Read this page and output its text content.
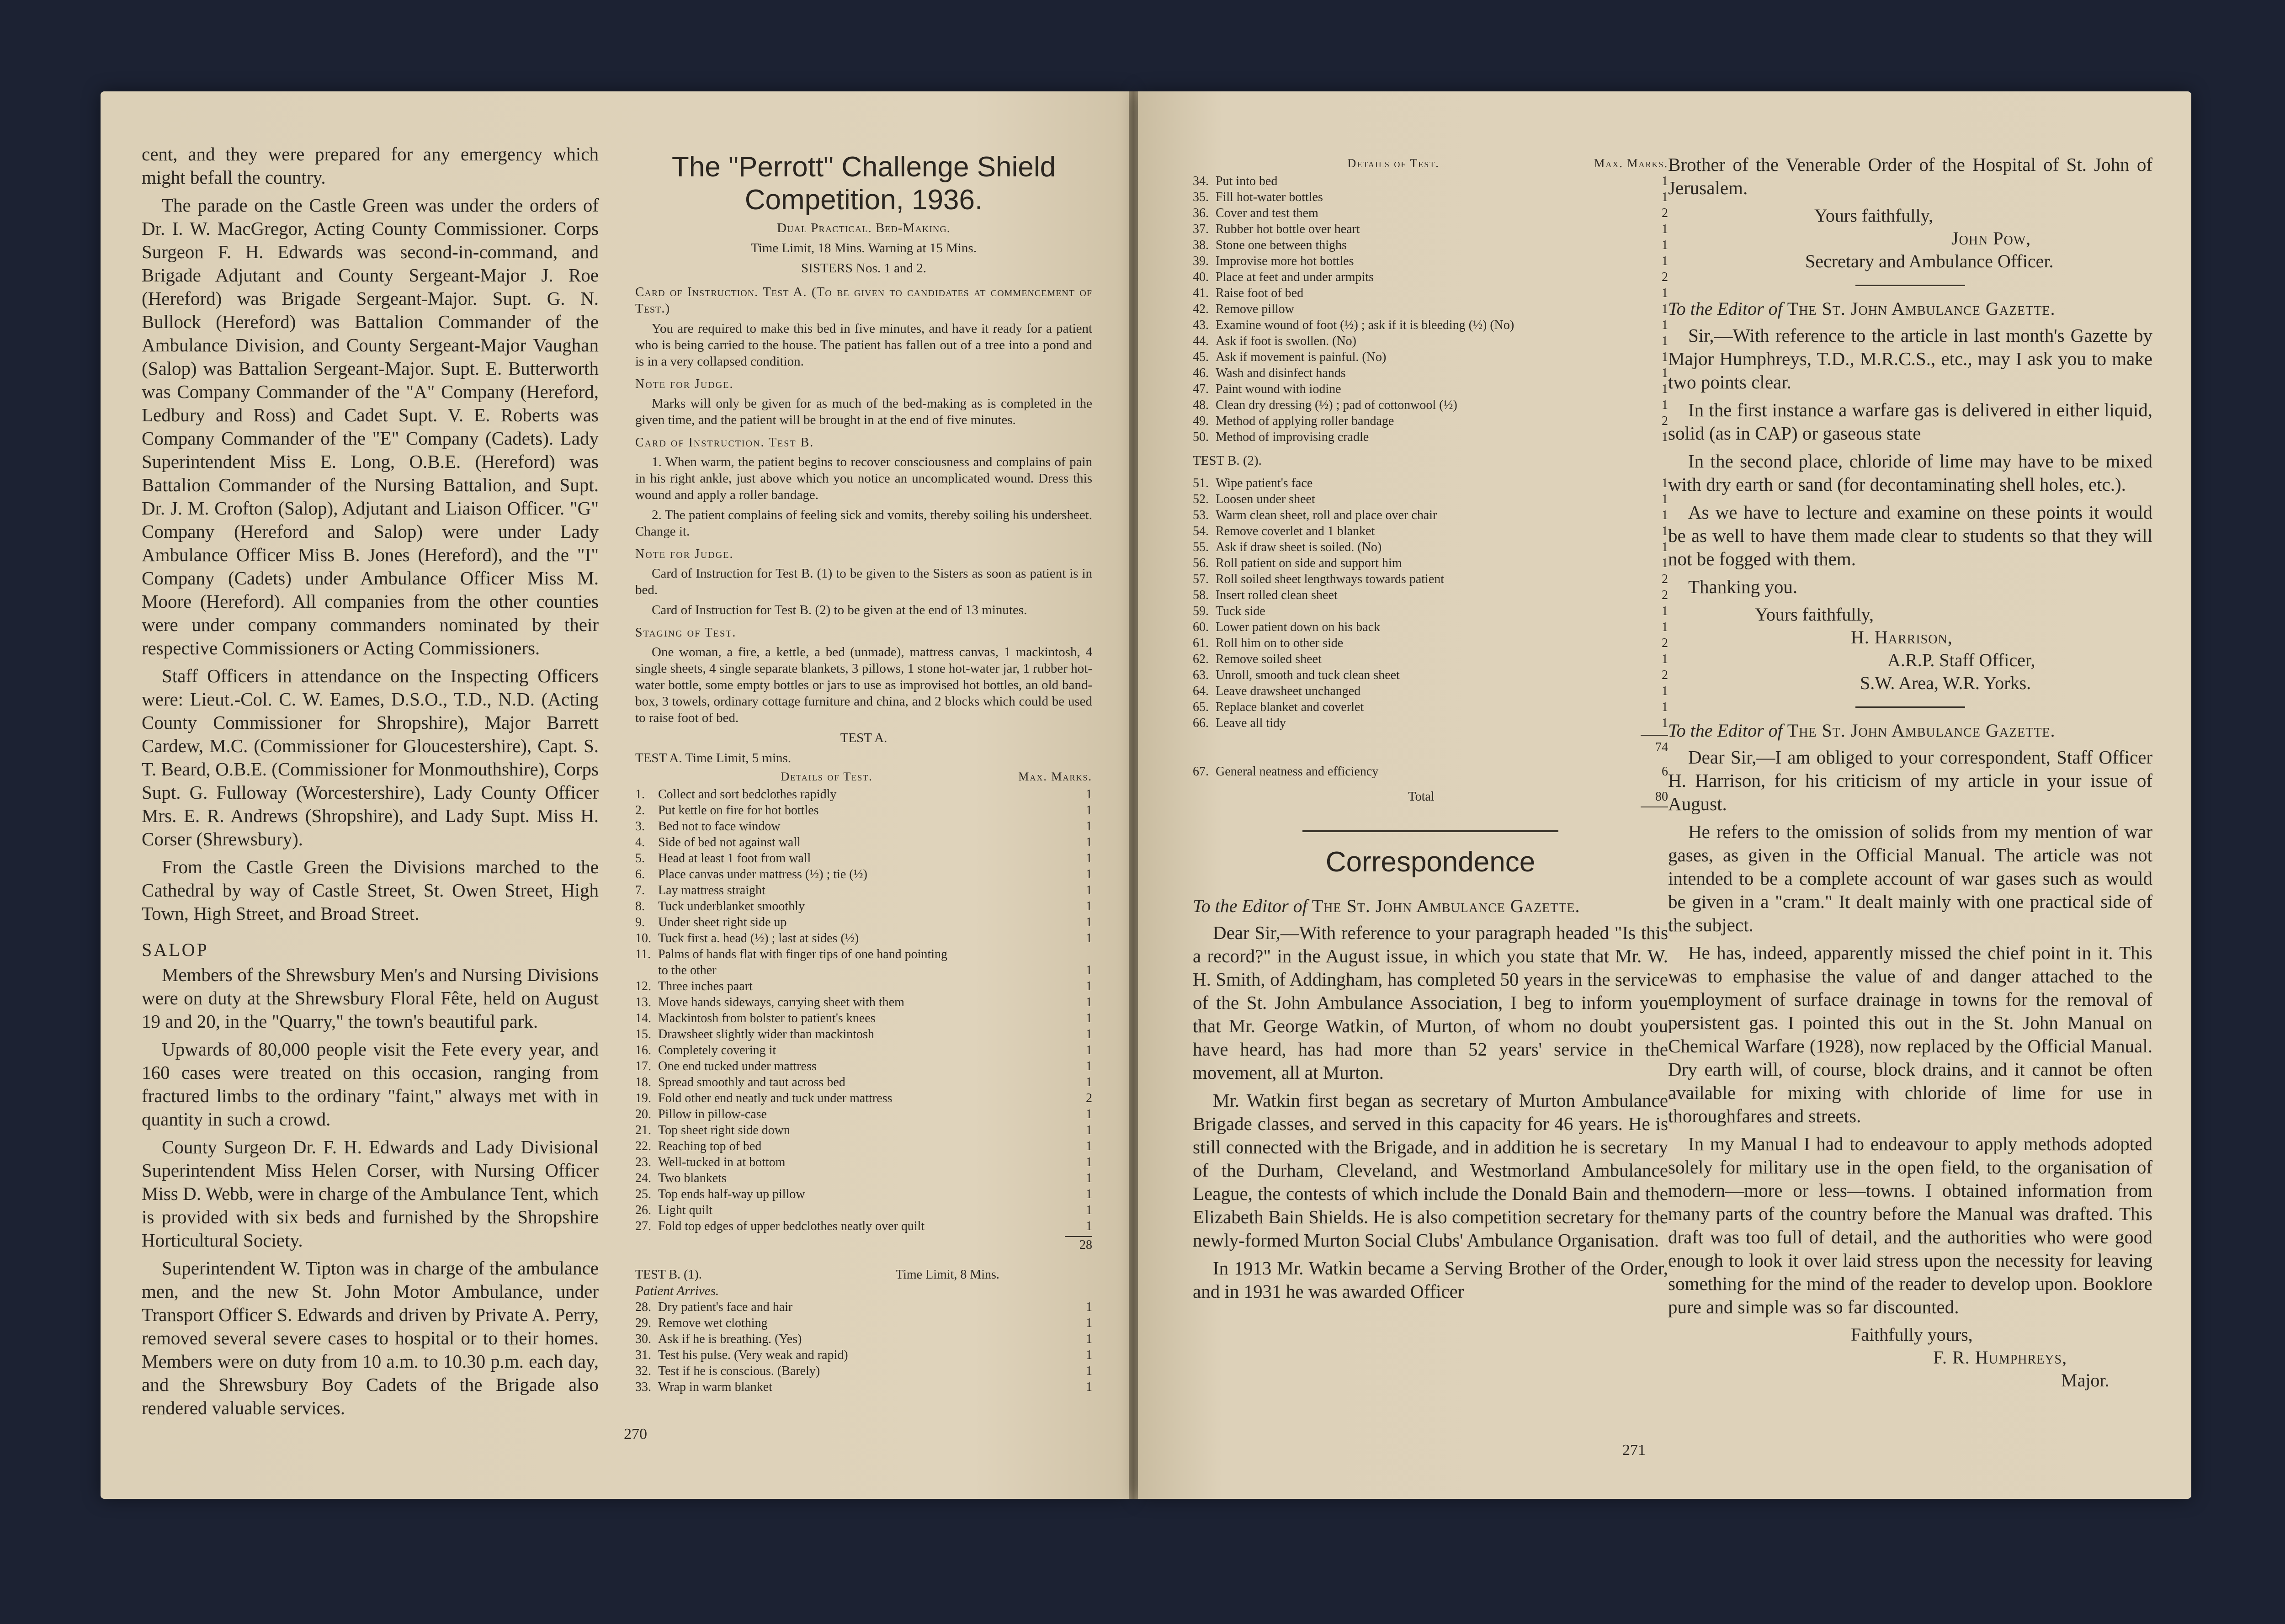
cent, and they were prepared for any emergency which might befall the country.

The parade on the Castle Green was under the orders of Dr. I. W. MacGregor, Acting County Commissioner. Corps Surgeon F. H. Edwards was second-in-command, and Brigade Adjutant and County Sergeant-Major J. Roe (Hereford) was Brigade Sergeant-Major. Supt. G. N. Bullock (Hereford) was Battalion Commander of the Ambulance Division, and County Sergeant-Major Vaughan (Salop) was Battalion Sergeant-Major. Supt. E. Butterworth was Company Commander of the "A" Company (Hereford, Ledbury and Ross) and Cadet Supt. V. E. Roberts was Company Commander of the "E" Company (Cadets). Lady Superintendent Miss E. Long, O.B.E. (Hereford) was Battalion Commander of the Nursing Battalion, and Supt. Dr. J. M. Crofton (Salop), Adjutant and Liaison Officer. "G" Company (Hereford and Salop) were under Lady Ambulance Officer Miss B. Jones (Hereford), and the "I" Company (Cadets) under Ambulance Officer Miss M. Moore (Hereford). All companies from the other counties were under company commanders nominated by their respective Commissioners or Acting Commissioners.

Staff Officers in attendance on the Inspecting Officers were: Lieut.-Col. C. W. Eames, D.S.O., T.D., N.D. (Acting County Commissioner for Shropshire), Major Barrett Cardew, M.C. (Commissioner for Gloucestershire), Capt. S. T. Beard, O.B.E. (Commissioner for Monmouthshire), Corps Supt. G. Fulloway (Worcestershire), Lady County Officer Mrs. E. R. Andrews (Shropshire), and Lady Supt. Miss H. Corser (Shrewsbury).

From the Castle Green the Divisions marched to the Cathedral by way of Castle Street, St. Owen Street, High Town, High Street, and Broad Street.

SALOP

Members of the Shrewsbury Men's and Nursing Divisions were on duty at the Shrewsbury Floral Fête, held on August 19 and 20, in the "Quarry," the town's beautiful park.

Upwards of 80,000 people visit the Fete every year, and 160 cases were treated on this occasion, ranging from fractured limbs to the ordinary "faint," always met with in quantity in such a crowd.

County Surgeon Dr. F. H. Edwards and Lady Divisional Superintendent Miss Helen Corser, with Nursing Officer Miss D. Webb, were in charge of the Ambulance Tent, which is provided with six beds and furnished by the Shropshire Horticultural Society.

Superintendent W. Tipton was in charge of the ambulance men, and the new St. John Motor Ambulance, under Transport Officer S. Edwards and driven by Private A. Perry, removed several severe cases to hospital or to their homes. Members were on duty from 10 a.m. to 10.30 p.m. each day, and the Shrewsbury Boy Cadets of the Brigade also rendered valuable services.

The "Perrott" Challenge Shield
Competition, 1936.
Dual Practical. Bed-Making.
Time Limit, 18 Mins. Warning at 15 Mins.
SISTERS Nos. 1 and 2.
Card of Instruction. Test A. (To be given to candidates at commencement of Test.)
You are required to make this bed in five minutes, and have it ready for a patient who is being carried to the house. The patient has fallen out of a tree into a pond and is in a very collapsed condition.
Note for Judge.
Marks will only be given for as much of the bed-making as is completed in the given time, and the patient will be brought in at the end of five minutes.
Card of Instruction. Test B.
1. When warm, the patient begins to recover consciousness and complains of pain in his right ankle, just above which you notice an uncomplicated wound. Dress this wound and apply a roller bandage.
2. The patient complains of feeling sick and vomits, thereby soiling his undersheet. Change it.
Note for Judge.
Card of Instruction for Test B. (1) to be given to the Sisters as soon as patient is in bed.
Card of Instruction for Test B. (2) to be given at the end of 13 minutes.
Staging of Test.
One woman, a fire, a kettle, a bed (unmade), mattress canvas, 1 mackintosh, 4 single sheets, 4 single separate blankets, 3 pillows, 1 stone hot-water jar, 1 rubber hot-water bottle, some empty bottles or jars to use as improvised hot bottles, an old band-box, 3 towels, ordinary cottage furniture and china, and 2 blocks which could be used to raise foot of bed.
TEST A.
TEST A. Time Limit, 5 mins.
Details of Test.	Max. Marks.
1.	Collect and sort bedclothes rapidly	1
2.	Put kettle on fire for hot bottles	1
3.	Bed not to face window	1
4.	Side of bed not against wall	1
5.	Head at least 1 foot from wall	1
6.	Place canvas under mattress (½) ; tie (½)	1
7.	Lay mattress straight	1
8.	Tuck underblanket smoothly	1
9.	Under sheet right side up	1
10. Tuck first a. head (½) ; last at sides (½)	1
11. Palms of hands flat with finger tips of one hand pointing
to the other	1
12. Three inches paart	1
13. Move hands sideways, carrying sheet with them	1
14. Mackintosh from bolster to patient's knees	1
15. Drawsheet slightly wider than mackintosh	1
16. Completely covering it	1
17. One end tucked under mattress	1
18. Spread smoothly and taut across bed	1
19. Fold other end neatly and tuck under mattress	2
20. Pillow in pillow-case	1
21. Top sheet right side down	1
22. Reaching top of bed	1
23. Well-tucked in at bottom	1
24. Two blankets	1
25. Top ends half-way up pillow	1
26. Light quilt	1
27. Fold top edges of upper bedclothes neatly over quilt	1
28
TEST B. (1).	Time Limit, 8 Mins.
Patient Arrives.
28. Dry patient's face and hair	1
29. Remove wet clothing	1
30. Ask if he is breathing. (Yes)	1
31. Test his pulse. (Very weak and rapid)	1
32. Test if he is conscious. (Barely)	1
33. Wrap in warm blanket	1
270
Details of Test.	Max. Marks.
34. Put into bed	1
35. Fill hot-water bottles	1
36. Cover and test them	2
37. Rubber hot bottle over heart	1
38. Stone one between thighs	1
39. Improvise more hot bottles	1
40. Place at feet and under armpits	2
41. Raise foot of bed	1
42. Remove pillow	1
43. Examine wound of foot (½) ; ask if it is bleeding (½) (No)	1
44. Ask if foot is swollen. (No)	1
45. Ask if movement is painful. (No)	1
46. Wash and disinfect hands	1
47. Paint wound with iodine	1
48. Clean dry dressing (½) ; pad of cottonwool (½)	1
49. Method of applying roller bandage	2
50. Method of improvising cradle	1
TEST B. (2).
51. Wipe patient's face	1
52. Loosen under sheet	1
53. Warm clean sheet, roll and place over chair	1
54. Remove coverlet and 1 blanket	1
55. Ask if draw sheet is soiled. (No)	1
56. Roll patient on side and support him	1
57. Roll soiled sheet lengthways towards patient	2
58. Insert rolled clean sheet	2
59. Tuck side	1
60. Lower patient down on his back	1
61. Roll him on to other side	2
62. Remove soiled sheet	1
63. Unroll, smooth and tuck clean sheet	2
64. Leave drawsheet unchanged	1
65. Replace blanket and coverlet	1
66. Leave all tidy	1
74
67. General neatness and efficiency	6
Total	80
Correspondence
To the Editor of The St. John Ambulance Gazette.

Dear Sir,—With reference to your paragraph headed "Is this a record?" in the August issue, in which you state that Mr. W. H. Smith, of Addingham, has completed 50 years in the service of the St. John Ambulance Association, I beg to inform you that Mr. George Watkin, of Murton, of whom no doubt you have heard, has had more than 52 years' service in the movement, all at Murton.

Mr. Watkin first began as secretary of Murton Ambulance Brigade classes, and served in this capacity for 46 years. He is still connected with the Brigade, and in addition he is secretary of the Durham, Cleveland, and Westmorland Ambulance League, the contests of which include the Donald Bain and the Elizabeth Bain Shields. He is also competition secretary for the newly-formed Murton Social Clubs' Ambulance Organisation.

In 1913 Mr. Watkin became a Serving Brother of the Order, and in 1931 he was awarded Officer

Brother of the Venerable Order of the Hospital of St. John of Jerusalem.

Yours faithfully,

John Pow,

Secretary and Ambulance Officer.

To the Editor of The St. John Ambulance Gazette.

Sir,—With reference to the article in last month's Gazette by Major Humphreys, T.D., M.R.C.S., etc., may I ask you to make two points clear.

In the first instance a warfare gas is delivered in either liquid, solid (as in CAP) or gaseous state

In the second place, chloride of lime may have to be mixed with dry earth or sand (for decontaminating shell holes, etc.).

As we have to lecture and examine on these points it would be as well to have them made clear to students so that they will not be fogged with them.

Thanking you.

Yours faithfully,

H. Harrison,

A.R.P. Staff Officer,

S.W. Area, W.R. Yorks.

To the Editor of The St. John Ambulance Gazette.

Dear Sir,—I am obliged to your correspondent, Staff Officer H. Harrison, for his criticism of my article in your issue of August.

He refers to the omission of solids from my mention of war gases, as given in the Official Manual. The article was not intended to be a complete account of war gases such as would be given in a "cram." It dealt mainly with one practical side of the subject.

He has, indeed, apparently missed the chief point in it. This was to emphasise the value of and danger attached to the employment of surface drainage in towns for the removal of persistent gas. I pointed this out in the St. John Manual on Chemical Warfare (1928), now replaced by the Official Manual. Dry earth will, of course, block drains, and it cannot be often available for mixing with chloride of lime for use in thoroughfares and streets.

In my Manual I had to endeavour to apply methods adopted solely for military use in the open field, to the organisation of modern—more or less—towns. I obtained information from many parts of the country before the Manual was drafted. This draft was too full of detail, and the authorities who were good enough to look it over laid stress upon the necessity for leaving something for the mind of the reader to develop upon. Booklore pure and simple was so far discounted.

Faithfully yours,

F. R. Humphreys,

Major.

271
